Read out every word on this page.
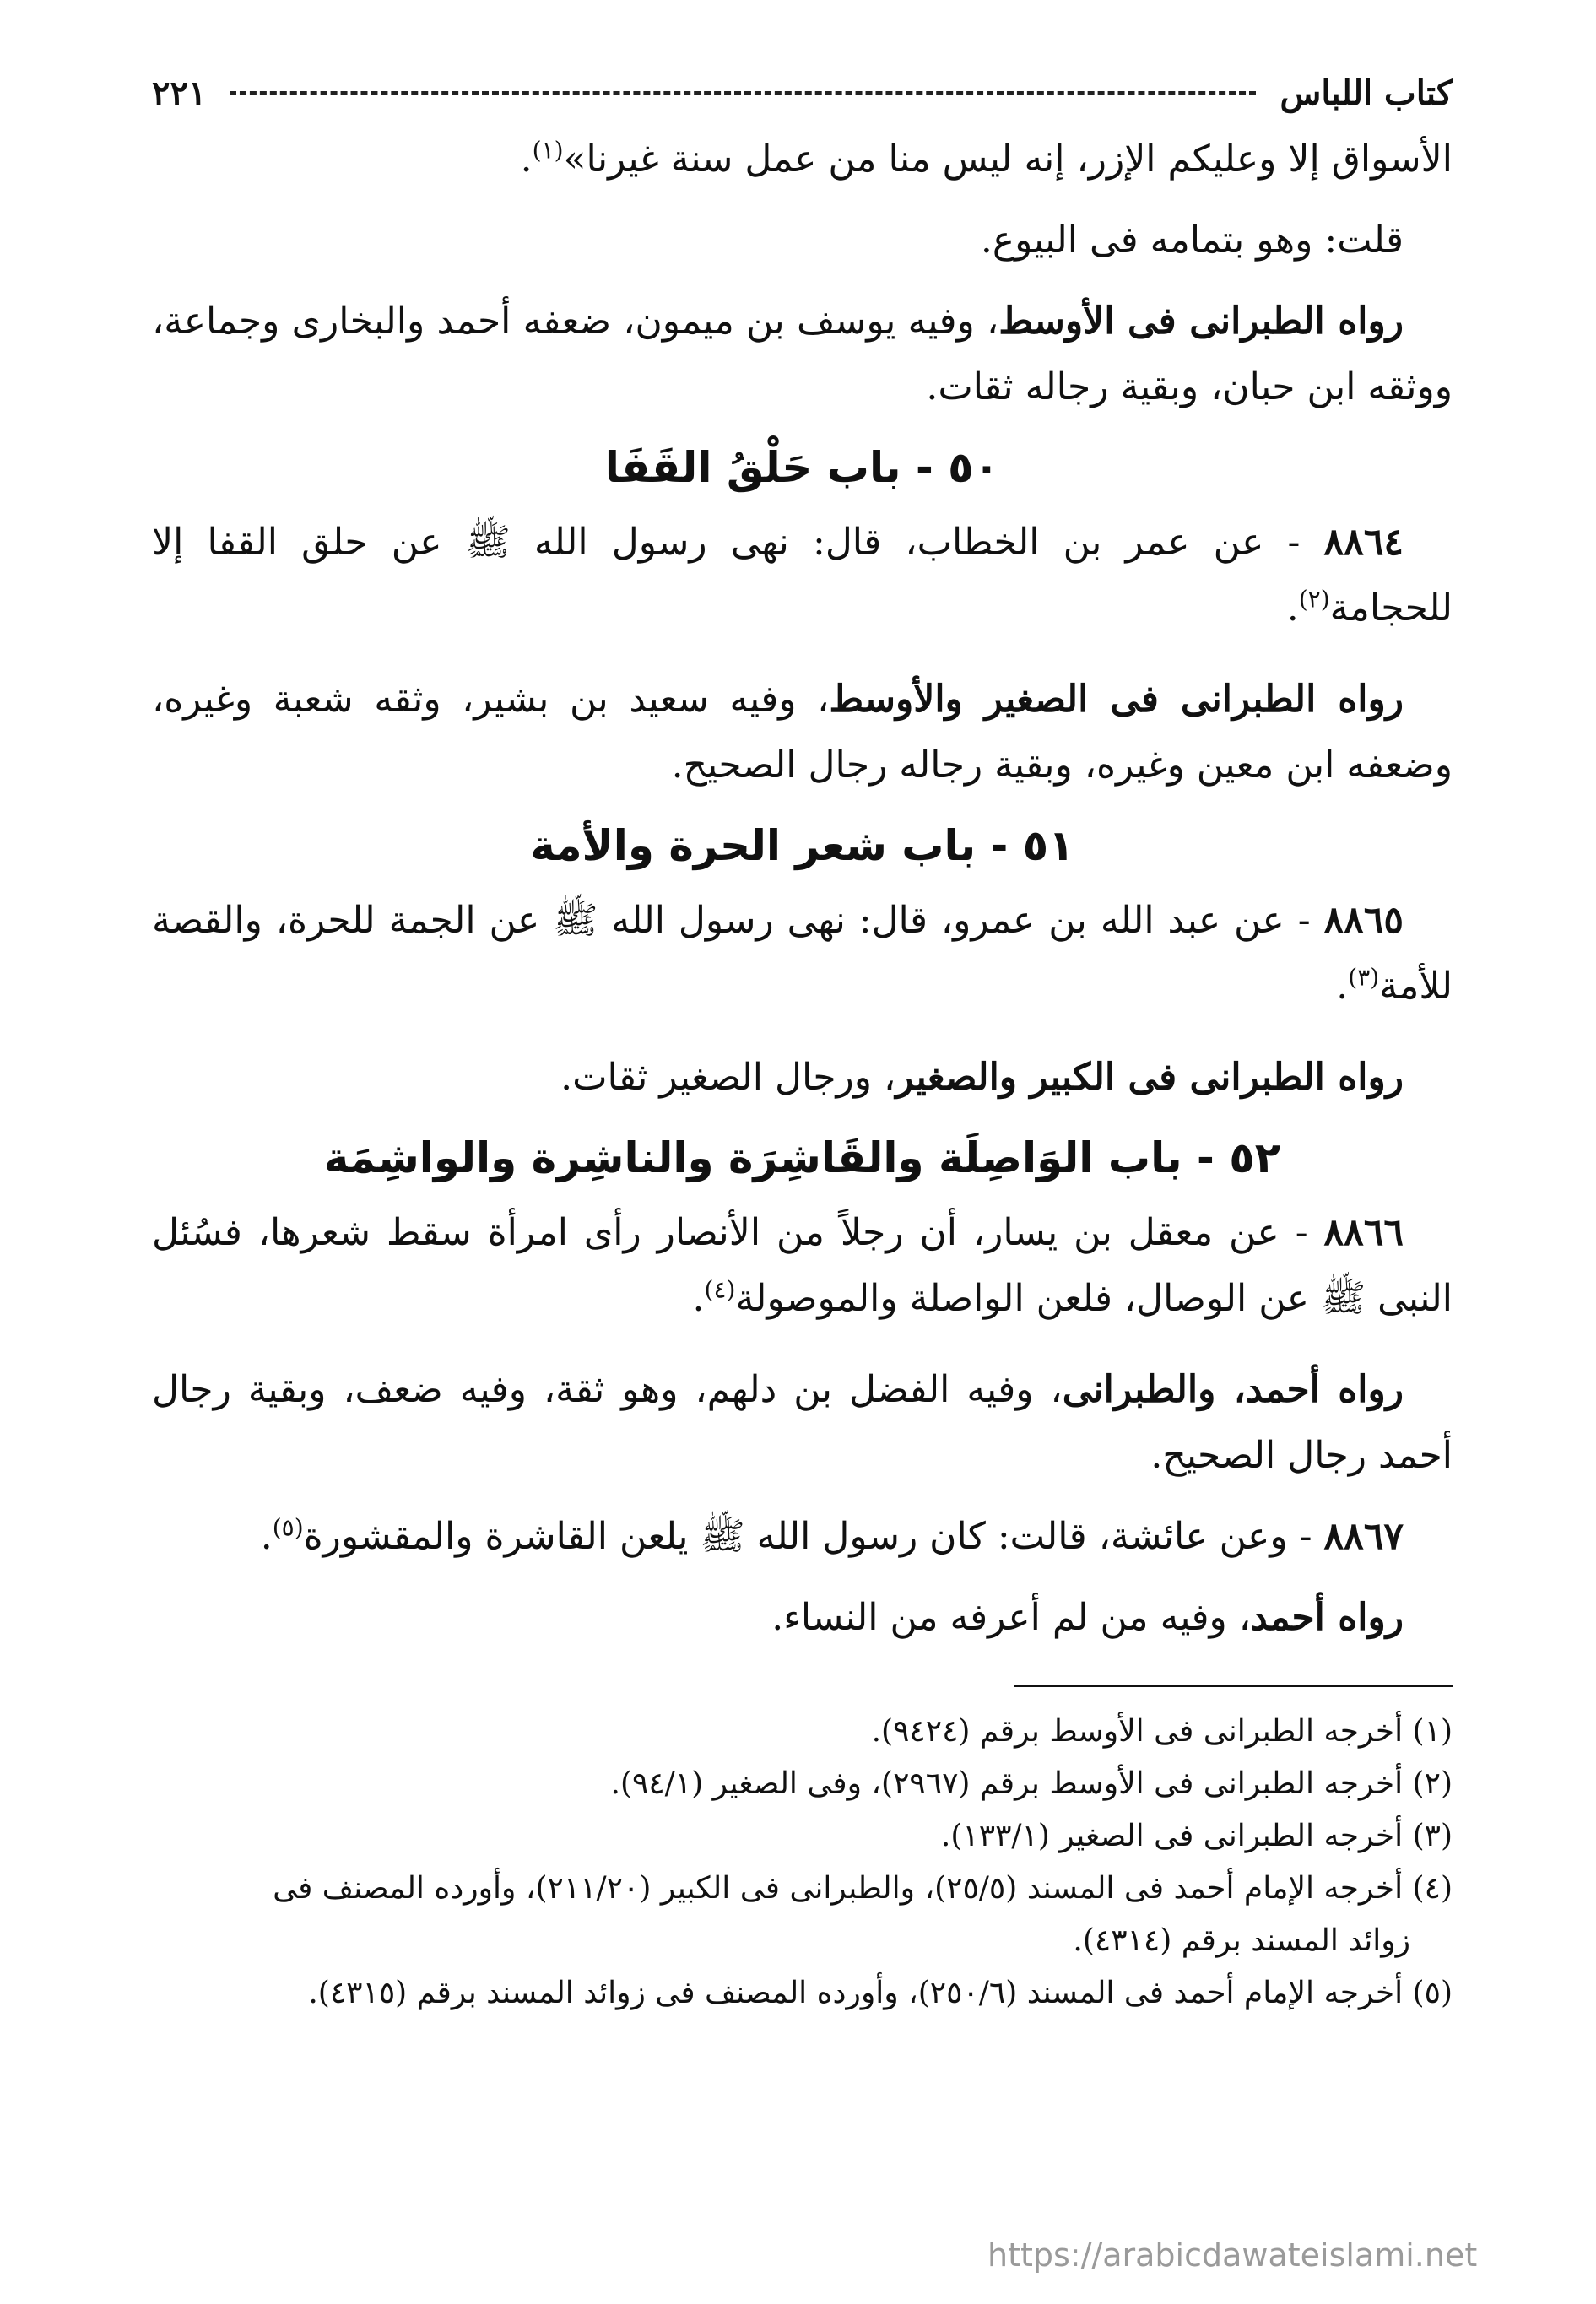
كتاب اللباس
٢٢١

الأسواق إلا وعليكم الإزر، إنه ليس منا من عمل سنة غيرنا»$^{(١)}$.

قلت: وهو بتمامه فى البيوع.

رواه الطبرانى فى الأوسط، وفيه يوسف بن ميمون، ضعفه أحمد والبخارى وجماعة، ووثقه ابن حبان، وبقية رجاله ثقات.

٥٠ - باب حَلْقُ القَفَا

٨٨٦٤ - عن عمر بن الخطاب، قال: نهى رسول الله ﷺ عن حلق القفا إلا للحجامة$^{(٢)}$.

رواه الطبرانى فى الصغير والأوسط، وفيه سعيد بن بشير، وثقه شعبة وغيره، وضعفه ابن معين وغيره، وبقية رجاله رجال الصحيح.

٥١ - باب شعر الحرة والأمة

٨٨٦٥ - عن عبد الله بن عمرو، قال: نهى رسول الله ﷺ عن الجمة للحرة، والقصة للأمة$^{(٣)}$.

رواه الطبرانى فى الكبير والصغير، ورجال الصغير ثقات.

٥٢ - باب الوَاصِلَة والقَاشِرَة والناشِرة والواشِمَة

٨٨٦٦ - عن معقل بن يسار، أن رجلاً من الأنصار رأى امرأة سقط شعرها، فسُئل النبى ﷺ عن الوصال، فلعن الواصلة والموصولة$^{(٤)}$.

رواه أحمد، والطبرانى، وفيه الفضل بن دلهم، وهو ثقة، وفيه ضعف، وبقية رجال أحمد رجال الصحيح.

٨٨٦٧ - وعن عائشة، قالت: كان رسول الله ﷺ يلعن القاشرة والمقشورة$^{(٥)}$.

رواه أحمد، وفيه من لم أعرفه من النساء.

(١) أخرجه الطبرانى فى الأوسط برقم (٩٤٢٤).

(٢) أخرجه الطبرانى فى الأوسط برقم (٢٩٦٧)، وفى الصغير (٩٤/١).

(٣) أخرجه الطبرانى فى الصغير (١٣٣/١).

(٤) أخرجه الإمام أحمد فى المسند (٢٥/٥)، والطبرانى فى الكبير (٢١١/٢٠)، وأورده المصنف فى

زوائد المسند برقم (٤٣١٤).

(٥) أخرجه الإمام أحمد فى المسند (٢٥٠/٦)، وأورده المصنف فى زوائد المسند برقم (٤٣١٥).

https://arabicdawateislami.net
